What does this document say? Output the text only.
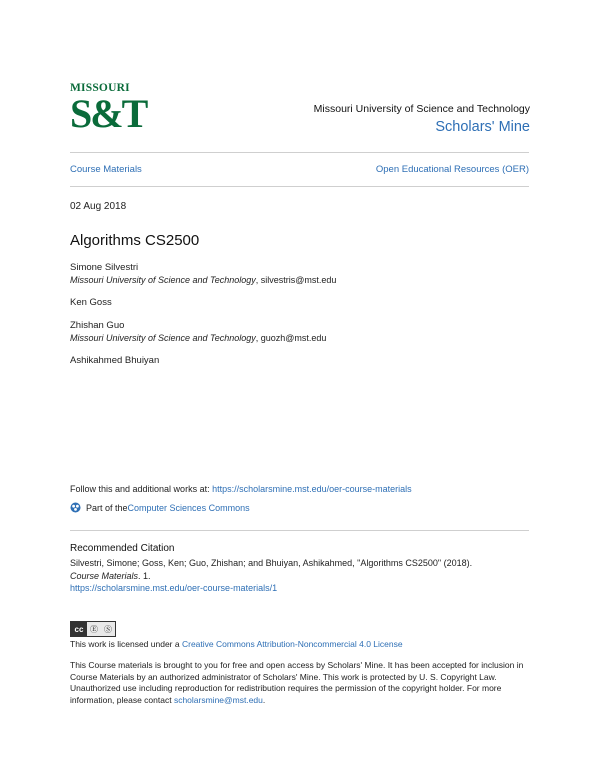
MISSOURI
S&T	Missouri University of Science and Technology
Scholars' Mine
Course Materials	Open Educational Resources (OER)
02 Aug 2018
Algorithms CS2500
Simone Silvestri
Missouri University of Science and Technology, silvestris@mst.edu
Ken Goss
Zhishan Guo
Missouri University of Science and Technology, guozh@mst.edu
Ashikahmed Bhuiyan
Follow this and additional works at: https://scholarsmine.mst.edu/oer-course-materials
Part of the Computer Sciences Commons
Recommended Citation
Silvestri, Simone; Goss, Ken; Guo, Zhishan; and Bhuiyan, Ashikahmed, "Algorithms CS2500" (2018).
Course Materials. 1.
https://scholarsmine.mst.edu/oer-course-materials/1
cc Ⓔ Ⓢ
This work is licensed under a Creative Commons Attribution-Noncommercial 4.0 License
This Course materials is brought to you for free and open access by Scholars' Mine. It has been accepted for inclusion in Course Materials by an authorized administrator of Scholars' Mine. This work is protected by U. S. Copyright Law. Unauthorized use including reproduction for redistribution requires the permission of the copyright holder. For more information, please contact scholarsmine@mst.edu.
